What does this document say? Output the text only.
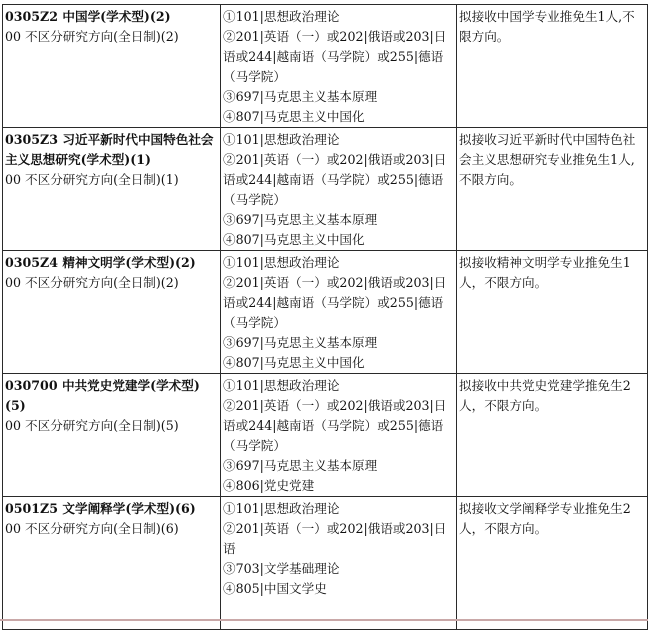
0305Z2 中国学(学术型)(2)
00 不区分研究方向(全日制)(2)	①101|思想政治理论
②201|英语（一）或202|俄语或203|日语或244|越南语（马学院）或255|德语（马学院）
③697|马克思主义基本原理
④807|马克思主义中国化	拟接收中国学专业推免生1人,不限方向。

0305Z3 习近平新时代中国特色社会主义思想研究(学术型)(1)
00 不区分研究方向(全日制)(1)	①101|思想政治理论
②201|英语（一）或202|俄语或203|日语或244|越南语（马学院）或255|德语（马学院）
③697|马克思主义基本原理
④807|马克思主义中国化	拟接收习近平新时代中国特色社会主义思想研究专业推免生1人,不限方向。

0305Z4 精神文明学(学术型)(2)
00 不区分研究方向(全日制)(2)	①101|思想政治理论
②201|英语（一）或202|俄语或203|日语或244|越南语（马学院）或255|德语（马学院）
③697|马克思主义基本原理
④807|马克思主义中国化	拟接收精神文明学专业推免生1人，不限方向。

030700 中共党史党建学(学术型)(5)
00 不区分研究方向(全日制)(5)	①101|思想政治理论
②201|英语（一）或202|俄语或203|日语或244|越南语（马学院）或255|德语（马学院）
③697|马克思主义基本原理
④806|党史党建	拟接收中共党史党建学推免生2人，不限方向。

0501Z5 文学阐释学(学术型)(6)
00 不区分研究方向(全日制)(6)	①101|思想政治理论
②201|英语（一）或202|俄语或203|日语
③703|文学基础理论
④805|中国文学史	拟接收文学阐释学专业推免生2人，不限方向。
